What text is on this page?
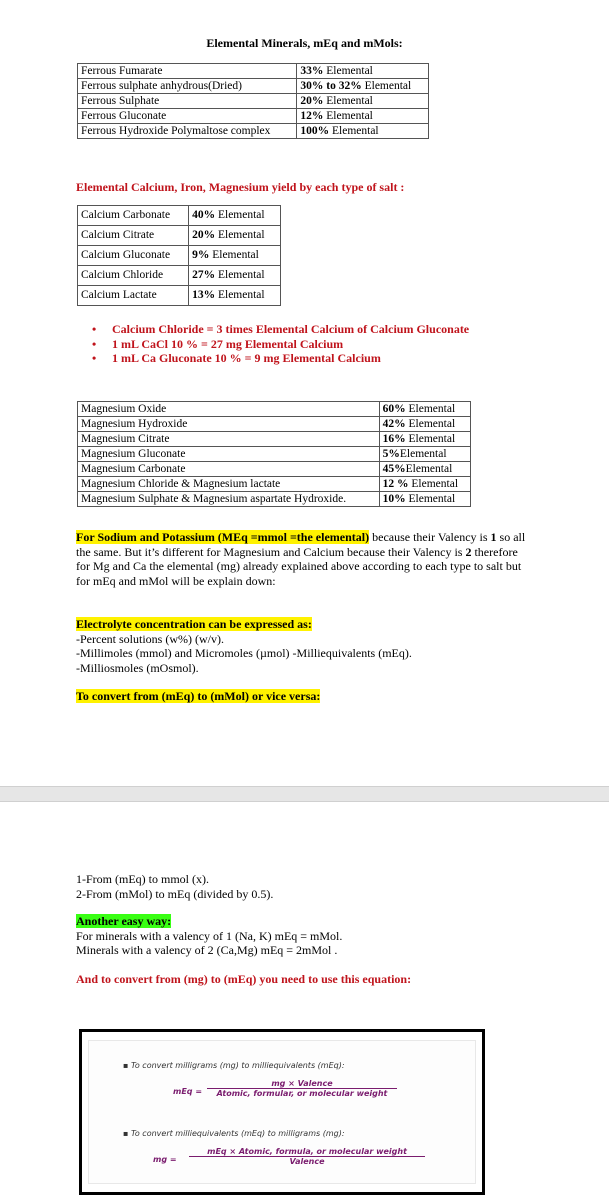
Elemental Minerals, mEq and mMols:
Ferrous Fumarate	33% Elemental
Ferrous sulphate anhydrous(Dried)	30% to 32% Elemental
Ferrous Sulphate	20% Elemental
Ferrous Gluconate	12% Elemental
Ferrous Hydroxide Polymaltose complex	100% Elemental
Elemental Calcium, Iron, Magnesium yield by each type of salt :
Calcium Carbonate	40% Elemental
Calcium Citrate	20% Elemental
Calcium Gluconate	9% Elemental
Calcium Chloride	27% Elemental
Calcium Lactate	13% Elemental
• Calcium Chloride = 3 times Elemental Calcium of Calcium Gluconate
• 1 mL CaCl 10 % = 27 mg Elemental Calcium
• 1 mL Ca Gluconate 10 % = 9 mg Elemental Calcium
Magnesium Oxide	60% Elemental
Magnesium Hydroxide	42% Elemental
Magnesium Citrate	16% Elemental
Magnesium Gluconate	5%Elemental
Magnesium Carbonate	45%Elemental
Magnesium Chloride & Magnesium lactate	12 % Elemental
Magnesium Sulphate & Magnesium aspartate Hydroxide.	10% Elemental
For Sodium and Potassium (MEq =mmol =the elemental) because their Valency is 1 so all the same. But it’s different for Magnesium and Calcium because their Valency is 2 therefore for Mg and Ca the elemental (mg) already explained above according to each type to salt but for mEq and mMol will be explain down:
Electrolyte concentration can be expressed as:
-Percent solutions (w%) (w/v).
-Millimoles (mmol) and Micromoles (µmol) -Milliequivalents (mEq).
-Milliosmoles (mOsmol).
To convert from (mEq) to (mMol) or vice versa:
1-From (mEq) to mmol (x).
2-From (mMol) to mEq (divided by 0.5).
Another easy way:
For minerals with a valency of 1 (Na, K) mEq = mMol.
Minerals with a valency of 2 (Ca,Mg) mEq = 2mMol .
And to convert from (mg) to (mEq) you need to use this equation:
▪ To convert milligrams (mg) to milliequivalents (mEq):
mEq =
mg × Valence
Atomic, formular, or molecular weight
▪ To convert milliequivalents (mEq) to milligrams (mg):
mg =
mEq × Atomic, formula, or molecular weight
Valence
